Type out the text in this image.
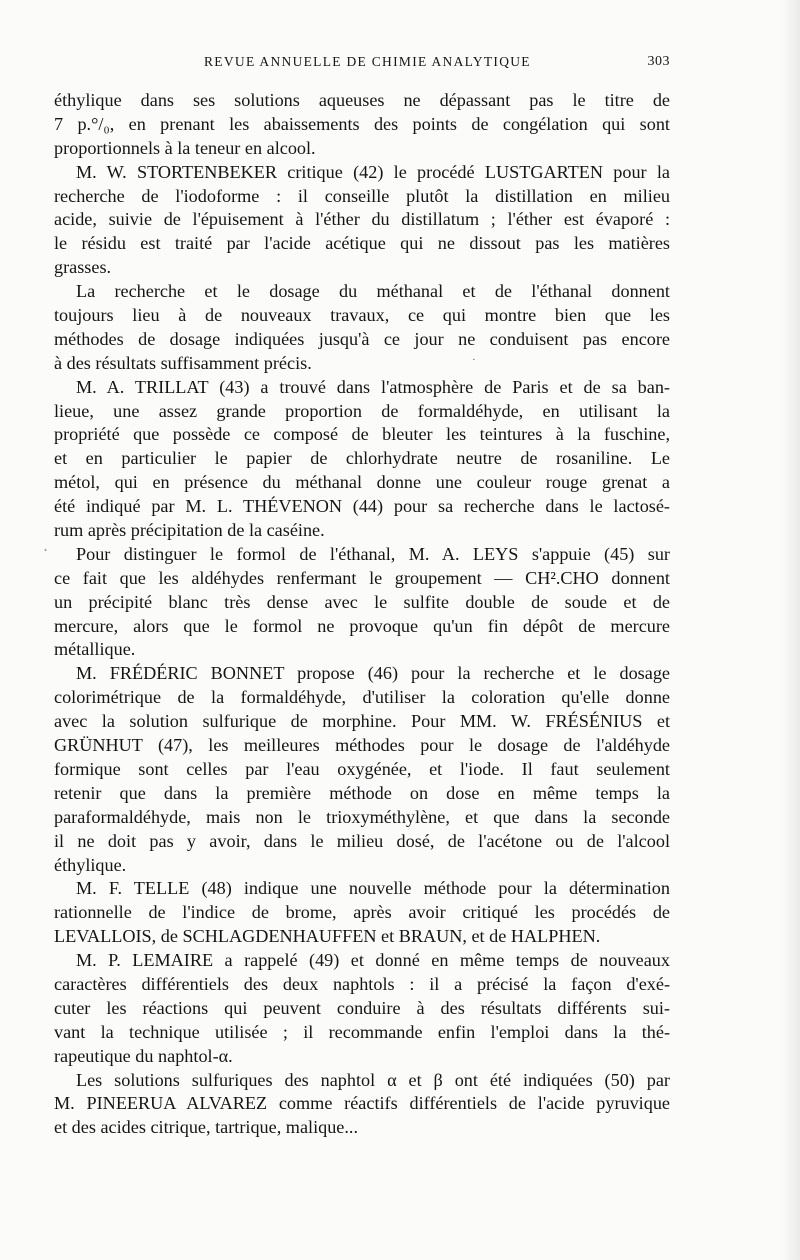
REVUE ANNUELLE DE CHIMIE ANALYTIQUE	303
éthylique dans ses solutions aqueuses ne dépassant pas le titre de
7 p.°/₀, en prenant les abaissements des points de congélation qui sont
proportionnels à la teneur en alcool.
M. W. STORTENBEKER critique (42) le procédé LUSTGARTEN pour la
recherche de l'iodoforme : il conseille plutôt la distillation en milieu
acide, suivie de l'épuisement à l'éther du distillatum ; l'éther est évaporé :
le résidu est traité par l'acide acétique qui ne dissout pas les matières
grasses.
La recherche et le dosage du méthanal et de l'éthanal donnent
toujours lieu à de nouveaux travaux, ce qui montre bien que les
méthodes de dosage indiquées jusqu'à ce jour ne conduisent pas encore
à des résultats suffisamment précis.
M. A. TRILLAT (43) a trouvé dans l'atmosphère de Paris et de sa ban-
lieue, une assez grande proportion de formaldéhyde, en utilisant la
propriété que possède ce composé de bleuter les teintures à la fuschine,
et en particulier le papier de chlorhydrate neutre de rosaniline. Le
métol, qui en présence du méthanal donne une couleur rouge grenat a
été indiqué par M. L. THÉVENON (44) pour sa recherche dans le lactosé-
rum après précipitation de la caséine.
Pour distinguer le formol de l'éthanal, M. A. LEYS s'appuie (45) sur
ce fait que les aldéhydes renfermant le groupement — CH².CHO donnent
un précipité blanc très dense avec le sulfite double de soude et de
mercure, alors que le formol ne provoque qu'un fin dépôt de mercure
métallique.
M. FRÉDÉRIC BONNET propose (46) pour la recherche et le dosage
colorimétrique de la formaldéhyde, d'utiliser la coloration qu'elle donne
avec la solution sulfurique de morphine. Pour MM. W. FRÉSÉNIUS et
GRÜNHUT (47), les meilleures méthodes pour le dosage de l'aldéhyde
formique sont celles par l'eau oxygénée, et l'iode. Il faut seulement
retenir que dans la première méthode on dose en même temps la
paraformaldéhyde, mais non le trioxyméthylène, et que dans la seconde
il ne doit pas y avoir, dans le milieu dosé, de l'acétone ou de l'alcool
éthylique.
M. F. TELLE (48) indique une nouvelle méthode pour la détermination
rationnelle de l'indice de brome, après avoir critiqué les procédés de
LEVALLOIS, de SCHLAGDENHAUFFEN et BRAUN, et de HALPHEN.
M. P. LEMAIRE a rappelé (49) et donné en même temps de nouveaux
caractères différentiels des deux naphtols : il a précisé la façon d'exé-
cuter les réactions qui peuvent conduire à des résultats différents sui-
vant la technique utilisée ; il recommande enfin l'emploi dans la thé-
rapeutique du naphtol-α.
Les solutions sulfuriques des naphtol α et β ont été indiquées (50) par
M. PINEERUA ALVAREZ comme réactifs différentiels de l'acide pyruvique
et des acides citrique, tartrique, malique...
˛
·
